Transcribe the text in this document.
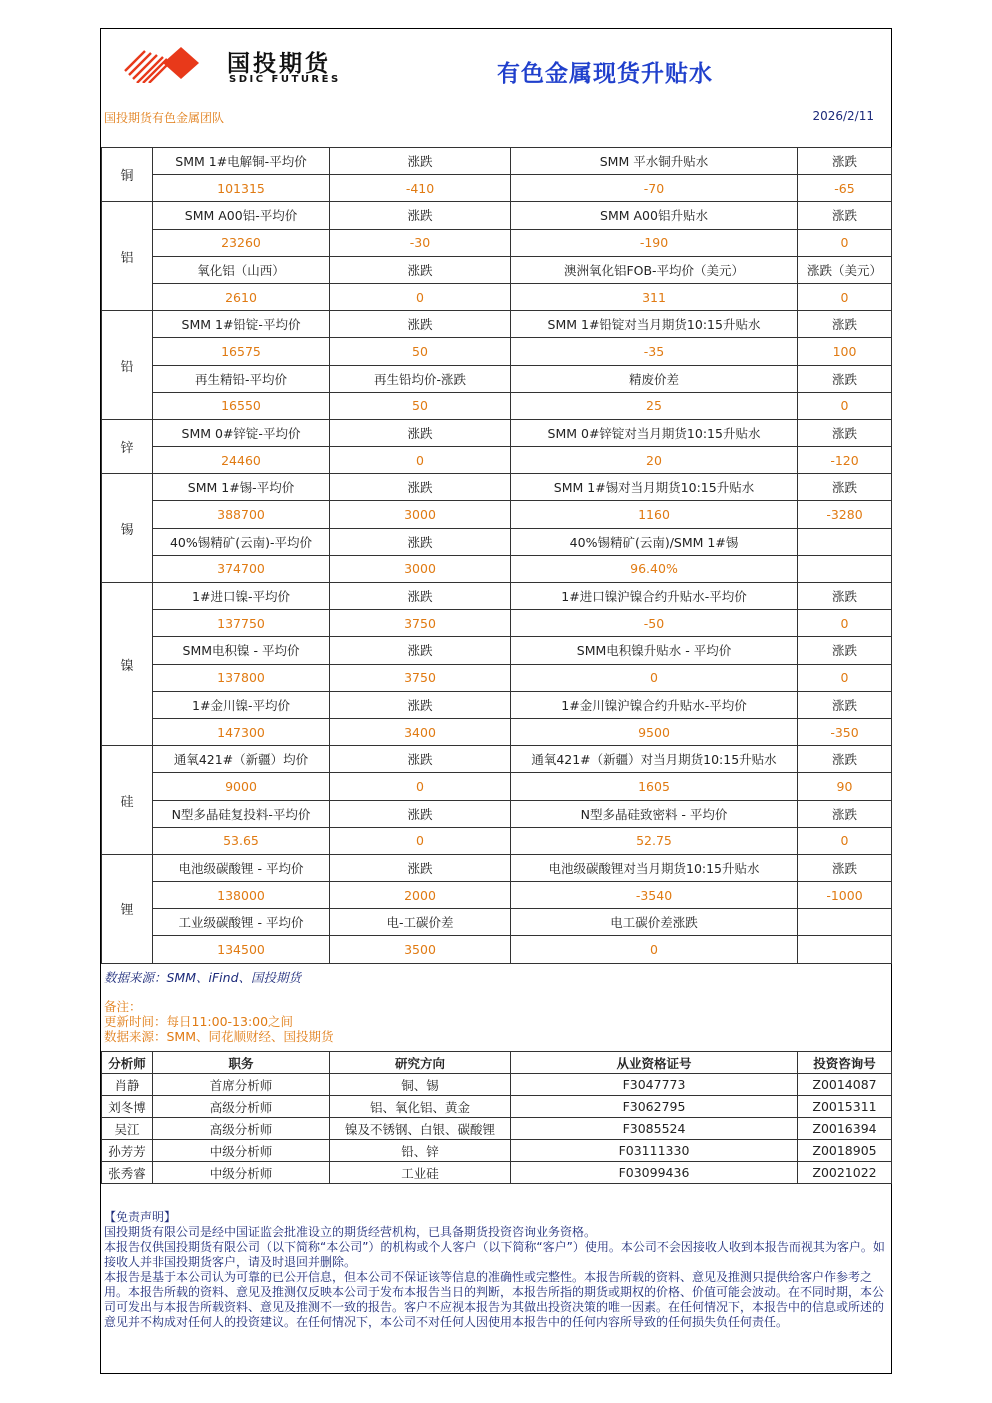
国投期货
SDIC FUTURES	有色金属现货升贴水
国投期货有色金属团队	2026/2/11
铜	SMM 1#电解铜-平均价	涨跌	SMM 平水铜升贴水	涨跌
	101315	-410	-70	-65
铝	SMM A00铝-平均价	涨跌	SMM A00铝升贴水	涨跌
	23260	-30	-190	0
	氧化铝（山西）	涨跌	澳洲氧化铝FOB-平均价（美元）	涨跌（美元）
	2610	0	311	0
铅	SMM 1#铅锭-平均价	涨跌	SMM 1#铅锭对当月期货10:15升贴水	涨跌
	16575	50	-35	100
	再生精铅-平均价	再生铅均价-涨跌	精废价差	涨跌
	16550	50	25	0
锌	SMM 0#锌锭-平均价	涨跌	SMM 0#锌锭对当月期货10:15升贴水	涨跌
	24460	0	20	-120
锡	SMM 1#锡-平均价	涨跌	SMM 1#锡对当月期货10:15升贴水	涨跌
	388700	3000	1160	-3280
	40%锡精矿(云南)-平均价	涨跌	40%锡精矿(云南)/SMM 1#锡	
	374700	3000	96.40%	
镍	1#进口镍-平均价	涨跌	1#进口镍沪镍合约升贴水-平均价	涨跌
	137750	3750	-50	0
	SMM电积镍 - 平均价	涨跌	SMM电积镍升贴水 - 平均价	涨跌
	137800	3750	0	0
	1#金川镍-平均价	涨跌	1#金川镍沪镍合约升贴水-平均价	涨跌
	147300	3400	9500	-350
硅	通氧421#（新疆）均价	涨跌	通氧421#（新疆）对当月期货10:15升贴水	涨跌
	9000	0	1605	90
	N型多晶硅复投料-平均价	涨跌	N型多晶硅致密料 - 平均价	涨跌
	53.65	0	52.75	0
锂	电池级碳酸锂 - 平均价	涨跌	电池级碳酸锂对当月期货10:15升贴水	涨跌
	138000	2000	-3540	-1000
	工业级碳酸锂 - 平均价	电-工碳价差	电工碳价差涨跌	
	134500	3500	0	
数据来源：SMM、iFind、国投期货
备注：
更新时间：每日11:00-13:00之间
数据来源：SMM、同花顺财经、国投期货
分析师	职务	研究方向	从业资格证号	投资咨询号
肖静	首席分析师	铜、锡	F3047773	Z0014087
刘冬博	高级分析师	铝、氧化铝、黄金	F3062795	Z0015311
吴江	高级分析师	镍及不锈钢、白银、碳酸锂	F3085524	Z0016394
孙芳芳	中级分析师	铅、锌	F03111330	Z0018905
张秀睿	中级分析师	工业硅	F03099436	Z0021022

【免责声明】

国投期货有限公司是经中国证监会批准设立的期货经营机构，已具备期货投资咨询业务资格。

本报告仅供国投期货有限公司（以下简称“本公司”）的机构或个人客户（以下简称“客户”）使用。本公司不会因接收人收到本报告而视其为客户。如接收人并非国投期货客户，请及时退回并删除。

本报告是基于本公司认为可靠的已公开信息，但本公司不保证该等信息的准确性或完整性。本报告所载的资料、意见及推测只提供给客户作参考之用。本报告所载的资料、意见及推测仅反映本公司于发布本报告当日的判断，本报告所指的期货或期权的价格、价值可能会波动。在不同时期，本公司可发出与本报告所载资料、意见及推测不一致的报告。客户不应视本报告为其做出投资决策的唯一因素。在任何情况下，本报告中的信息或所述的意见并不构成对任何人的投资建议。在任何情况下，本公司不对任何人因使用本报告中的任何内容所导致的任何损失负任何责任。
